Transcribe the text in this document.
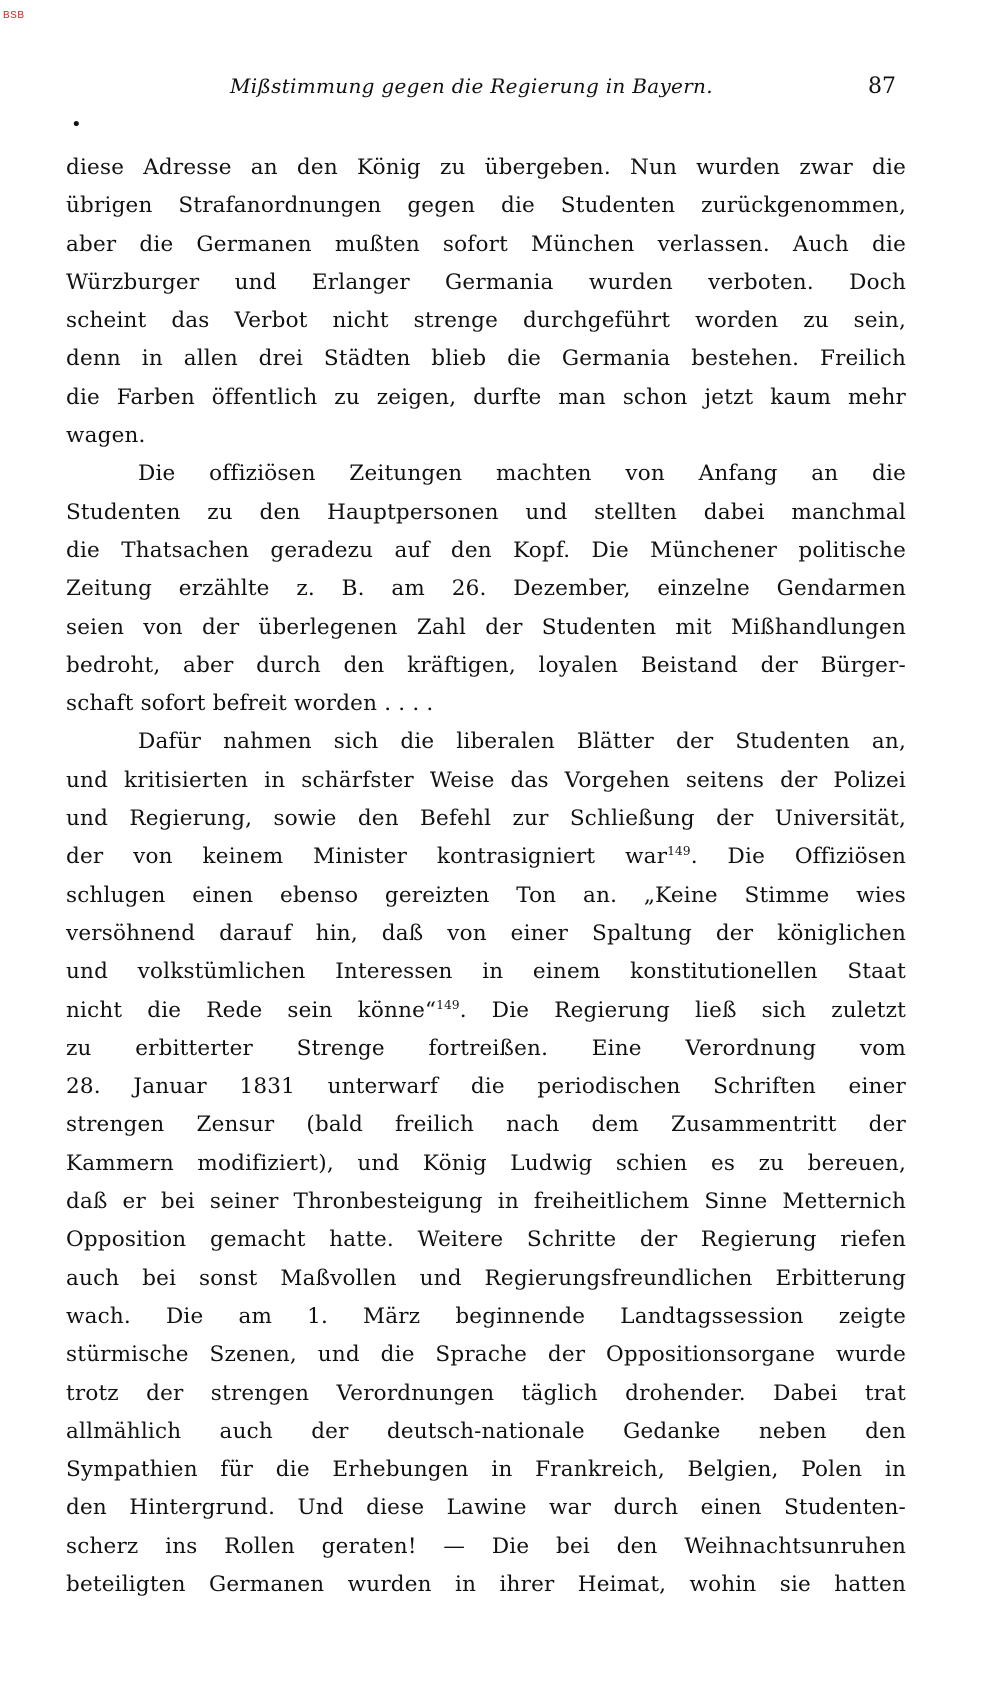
BSB
Mißstimmung gegen die Regierung in Bayern.	87
•
diese Adresse an den König zu übergeben. Nun wurden zwar die
übrigen Strafanordnungen gegen die Studenten zurückgenommen,
aber die Germanen mußten sofort München verlassen. Auch die
Würzburger und Erlanger Germania wurden verboten. Doch
scheint das Verbot nicht strenge durchgeführt worden zu sein,
denn in allen drei Städten blieb die Germania bestehen. Freilich
die Farben öffentlich zu zeigen, durfte man schon jetzt kaum mehr
wagen.
Die offiziösen Zeitungen machten von Anfang an die
Studenten zu den Hauptpersonen und stellten dabei manchmal
die Thatsachen geradezu auf den Kopf. Die Münchener politische
Zeitung erzählte z. B. am 26. Dezember, einzelne Gendarmen
seien von der überlegenen Zahl der Studenten mit Mißhandlungen
bedroht, aber durch den kräftigen, loyalen Beistand der Bürger-
schaft sofort befreit worden . . . .
Dafür nahmen sich die liberalen Blätter der Studenten an,
und kritisierten in schärfster Weise das Vorgehen seitens der Polizei
und Regierung, sowie den Befehl zur Schließung der Universität,
der von keinem Minister kontrasigniert war$^{149}$. Die Offiziösen
schlugen einen ebenso gereizten Ton an. „Keine Stimme wies
versöhnend darauf hin, daß von einer Spaltung der königlichen
und volkstümlichen Interessen in einem konstitutionellen Staat
nicht die Rede sein könne“$^{149}$. Die Regierung ließ sich zuletzt
zu erbitterter Strenge fortreißen. Eine Verordnung vom
28. Januar 1831 unterwarf die periodischen Schriften einer
strengen Zensur (bald freilich nach dem Zusammentritt der
Kammern modifiziert), und König Ludwig schien es zu bereuen,
daß er bei seiner Thronbesteigung in freiheitlichem Sinne Metternich
Opposition gemacht hatte. Weitere Schritte der Regierung riefen
auch bei sonst Maßvollen und Regierungsfreundlichen Erbitterung
wach. Die am 1. März beginnende Landtagssession zeigte
stürmische Szenen, und die Sprache der Oppositionsorgane wurde
trotz der strengen Verordnungen täglich drohender. Dabei trat
allmählich auch der deutsch-nationale Gedanke neben den
Sympathien für die Erhebungen in Frankreich, Belgien, Polen in
den Hintergrund. Und diese Lawine war durch einen Studenten-
scherz ins Rollen geraten! — Die bei den Weihnachtsunruhen
beteiligten Germanen wurden in ihrer Heimat, wohin sie hatten
